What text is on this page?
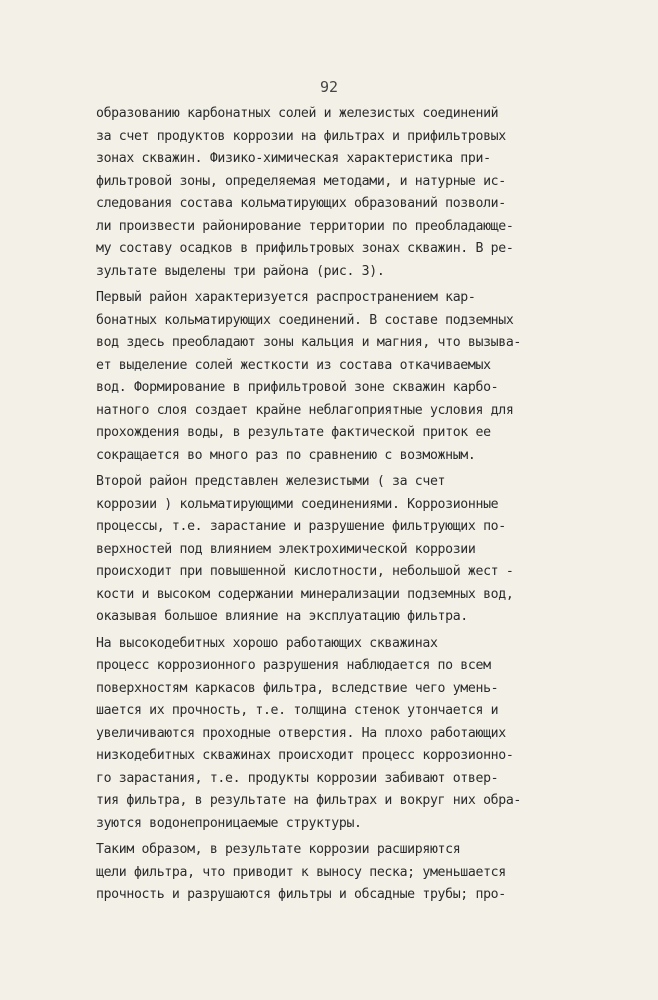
92
образованию карбонатных солей и железистых соединений
за счет продуктов коррозии на фильтрах и прифильтровых
зонах скважин. Физико-химическая характеристика при-
фильтровой зоны, определяемая методами, и натурные ис-
следования состава кольматирующих образований позволи-
ли произвести районирование территории по преобладающе-
му составу осадков в прифильтровых зонах скважин. В ре-
зультате выделены три района (рис. 3).
Первый район характеризуется распространением кар-
бонатных кольматирующих соединений. В составе подземных
вод здесь преобладают зоны кальция и магния, что вызыва-
ет выделение солей жесткости из состава откачиваемых
вод. Формирование в прифильтровой зоне скважин карбо-
натного слоя создает крайне неблагоприятные условия для
прохождения воды, в результате фактической приток ее
сокращается во много раз по сравнению с возможным.
Второй район представлен железистыми ( за счет
коррозии ) кольматирующими соединениями. Коррозионные
процессы, т.е. зарастание и разрушение фильтрующих по-
верхностей под влиянием электрохимической коррозии
происходит при повышенной кислотности, небольшой жест -
кости и высоком содержании минерализации подземных вод,
оказывая большое влияние на эксплуатацию фильтра.
На высокодебитных хорошо работающих скважинах
процесс коррозионного разрушения наблюдается по всем
поверхностям каркасов фильтра, вследствие чего умень-
шается их прочность, т.е. толщина стенок утончается и
увеличиваются проходные отверстия. На плохо работающих
низкодебитных скважинах происходит процесс коррозионно-
го зарастания, т.е. продукты коррозии забивают отвер-
тия фильтра, в результате на фильтрах и вокруг них обра-
зуются водонепроницаемые структуры.
Таким образом, в результате коррозии расширяются
щели фильтра, что приводит к выносу песка; уменьшается
прочность и разрушаются фильтры и обсадные трубы; про-
